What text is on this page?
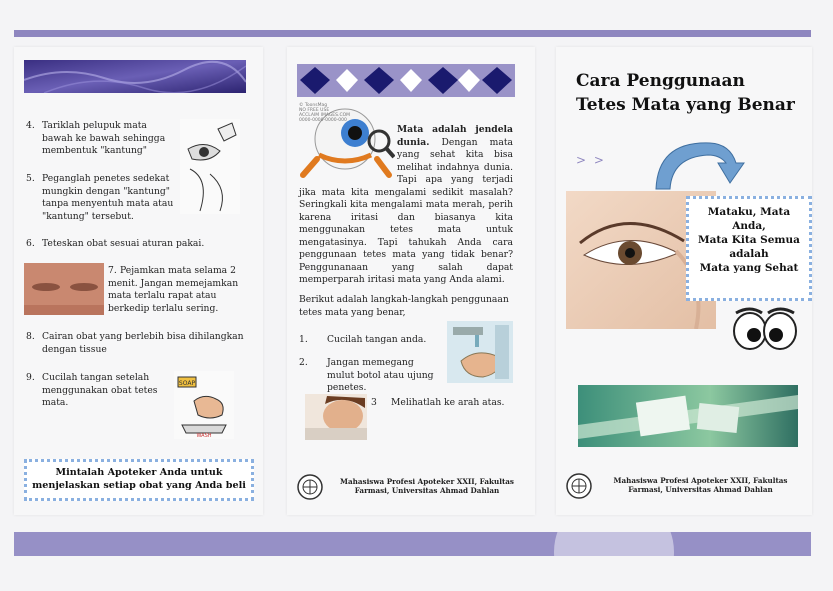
4. Tariklah pelupuk mata bawah ke bawah sehingga membentuk "kantung"
5. Peganglah penetes sedekat mungkin dengan "kantung" tanpa menyentuh mata atau "kantung" tersebut.
6. Teteskan obat sesuai aturan pakai.
7. Pejamkan mata selama 2 menit. Jangan memejamkan mata terlalu rapat atau berkedip terlalu sering.
8. Cairan obat yang berlebih bisa dihilangkan dengan tissue
9. Cucilah tangan setelah menggunakan obat tetes mata.
SOAP
WASH
Mintalah Apoteker Anda untuk menjelaskan setiap obat yang Anda beli
© ToonsMag
NO FREE USE
ACCLAIM IMAGES.COM
0000-0000-0000-000
Mata adalah jendela dunia.	Dengan mata yang sehat kita bisa melihat indahnya dunia. Tapi apa yang terjadi jika mata kita mengalami sedikit masalah? Seringkali kita mengalami mata merah, perih karena iritasi dan biasanya kita menggunakan tetes mata untuk mengatasinya. Tapi tahukah Anda cara penggunaan tetes mata yang tidak benar? Penggunanaan yang salah dapat memperparah iritasi mata yang Anda alami.
Berikut adalah langkah-langkah penggunaan tetes mata yang benar,
1.	Cucilah tangan anda.
2.	Jangan memegang mulut botol atau ujung penetes.
3	Melihatlah ke arah atas.
Mahasiswa Profesi Apoteker XXII, Fakultas Farmasi, Universitas Ahmad Dahlan
Cara Penggunaan
Tetes Mata yang Benar
> >
Mataku, Mata
Anda,
Mata Kita Semua
adalah
Mata yang Sehat
Mahasiswa Profesi Apoteker XXII, Fakultas Farmasi, Universitas Ahmad Dahlan
